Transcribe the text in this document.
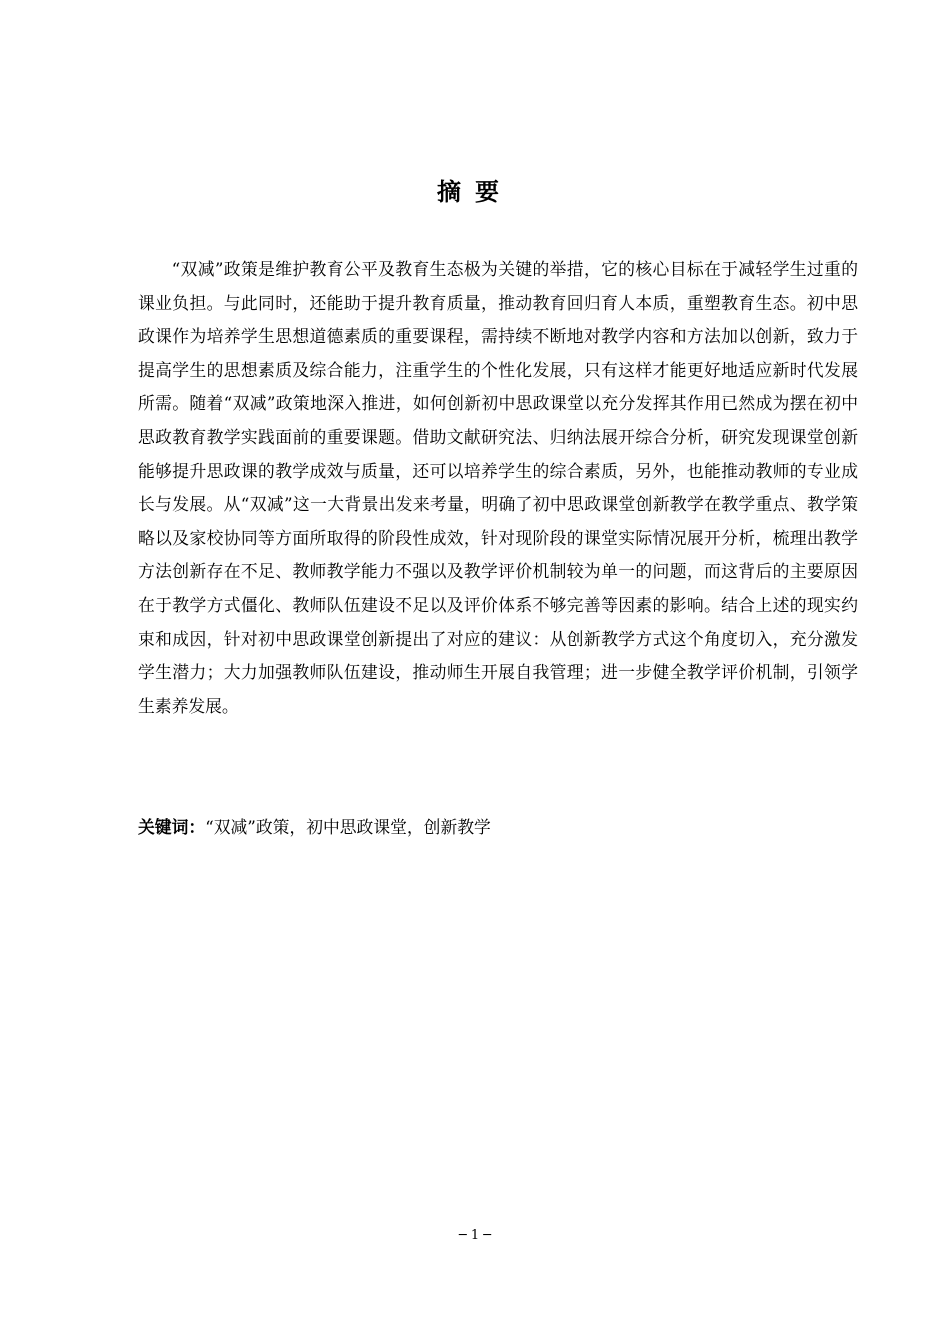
摘要

“双减”政策是维护教育公平及教育生态极为关键的举措，它的核心目标在于减轻学生过重的课业负担。与此同时，还能助于提升教育质量，推动教育回归育人本质，重塑教育生态。初中思政课作为培养学生思想道德素质的重要课程，需持续不断地对教学内容和方法加以创新，致力于提高学生的思想素质及综合能力，注重学生的个性化发展，只有这样才能更好地适应新时代发展所需。随着“双减”政策地深入推进，如何创新初中思政课堂以充分发挥其作用已然成为摆在初中思政教育教学实践面前的重要课题。借助文献研究法、归纳法展开综合分析，研究发现课堂创新能够提升思政课的教学成效与质量，还可以培养学生的综合素质，另外，也能推动教师的专业成长与发展。从“双减”这一大背景出发来考量，明确了初中思政课堂创新教学在教学重点、教学策略以及家校协同等方面所取得的阶段性成效，针对现阶段的课堂实际情况展开分析，梳理出教学方法创新存在不足、教师教学能力不强以及教学评价机制较为单一的问题，而这背后的主要原因在于教学方式僵化、教师队伍建设不足以及评价体系不够完善等因素的影响。结合上述的现实约束和成因，针对初中思政课堂创新提出了对应的建议：从创新教学方式这个角度切入，充分激发学生潜力；大力加强教师队伍建设，推动师生开展自我管理；进一步健全教学评价机制，引领学生素养发展。

关键词：“双减”政策，初中思政课堂，创新教学
─ 1 ─
